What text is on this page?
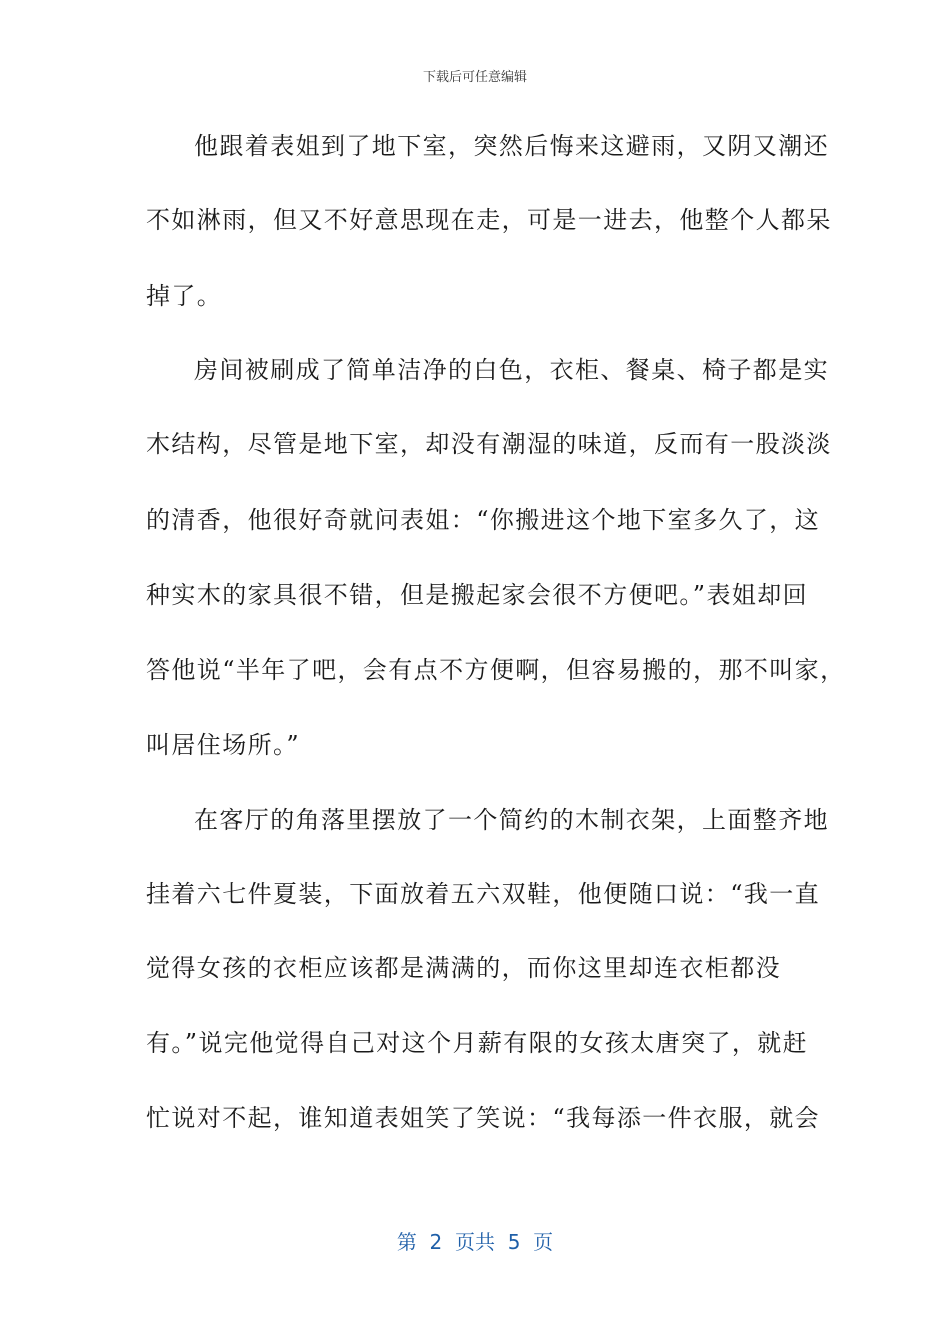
下载后可任意编辑
他跟着表姐到了地下室，突然后悔来这避雨，又阴又潮还
不如淋雨，但又不好意思现在走，可是一进去，他整个人都呆
掉了。
房间被刷成了简单洁净的白色，衣柜、餐桌、椅子都是实
木结构，尽管是地下室，却没有潮湿的味道，反而有一股淡淡
的清香，他很好奇就问表姐：“你搬进这个地下室多久了，这
种实木的家具很不错，但是搬起家会很不方便吧。”表姐却回
答他说“半年了吧，会有点不方便啊，但容易搬的，那不叫家，
叫居住场所。”
在客厅的角落里摆放了一个简约的木制衣架，上面整齐地
挂着六七件夏装，下面放着五六双鞋，他便随口说：“我一直
觉得女孩的衣柜应该都是满满的，而你这里却连衣柜都没
有。”说完他觉得自己对这个月薪有限的女孩太唐突了，就赶
忙说对不起，谁知道表姐笑了笑说：“我每添一件衣服，就会
第  2  页共  5  页
